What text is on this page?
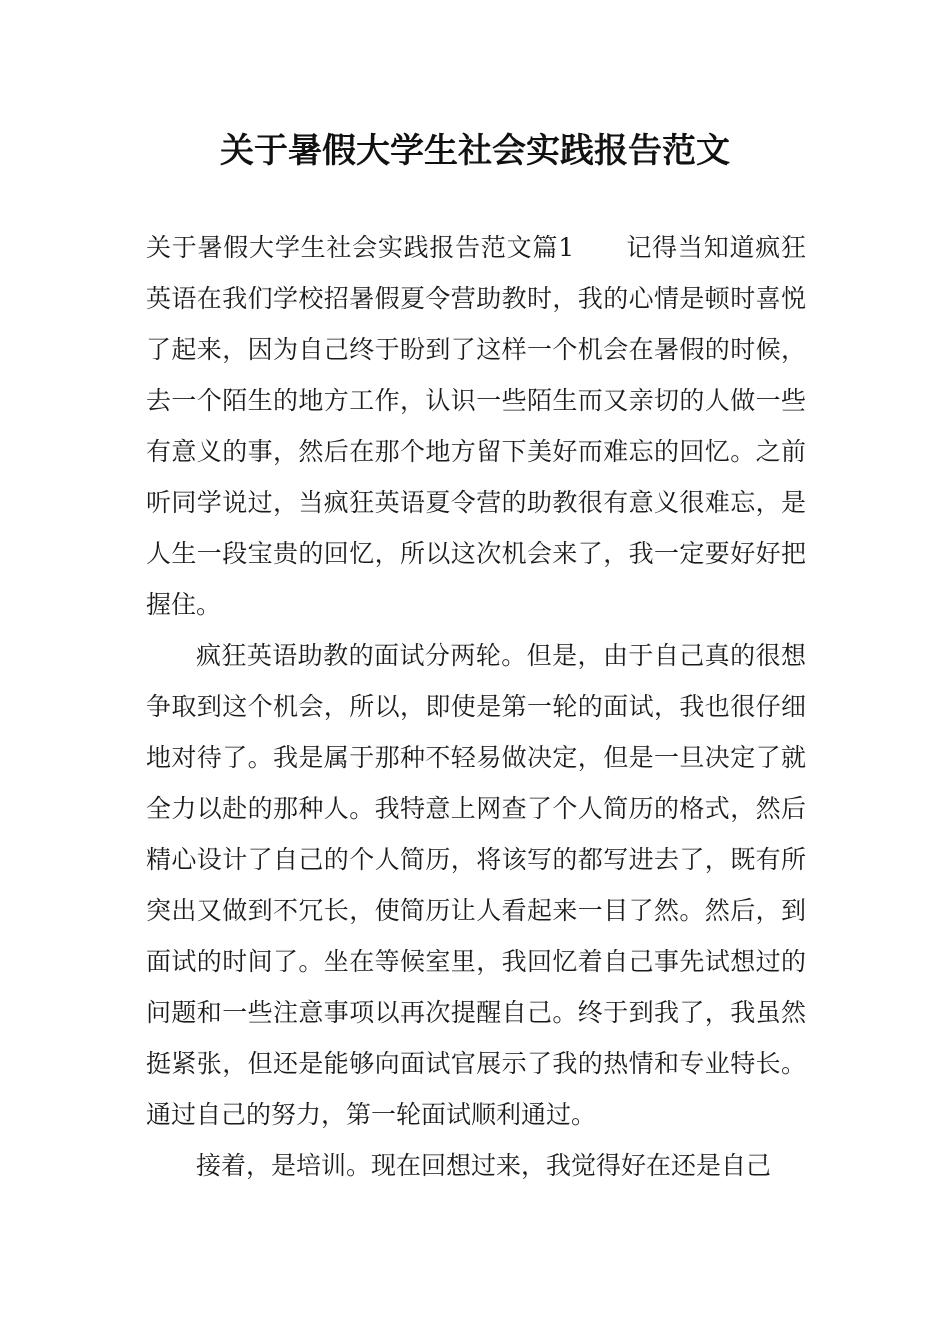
关于暑假大学生社会实践报告范文

关于暑假大学生社会实践报告范文篇1　　记得当知道疯狂英语在我们学校招暑假夏令营助教时，我的心情是顿时喜悦了起来，因为自己终于盼到了这样一个机会在暑假的时候，去一个陌生的地方工作，认识一些陌生而又亲切的人做一些有意义的事，然后在那个地方留下美好而难忘的回忆。之前听同学说过，当疯狂英语夏令营的助教很有意义很难忘，是人生一段宝贵的回忆，所以这次机会来了，我一定要好好把握住。

疯狂英语助教的面试分两轮。但是，由于自己真的很想争取到这个机会，所以，即使是第一轮的面试，我也很仔细地对待了。我是属于那种不轻易做决定，但是一旦决定了就全力以赴的那种人。我特意上网查了个人简历的格式，然后精心设计了自己的个人简历，将该写的都写进去了，既有所突出又做到不冗长，使简历让人看起来一目了然。然后，到面试的时间了。坐在等候室里，我回忆着自己事先试想过的问题和一些注意事项以再次提醒自己。终于到我了，我虽然挺紧张，但还是能够向面试官展示了我的热情和专业特长。通过自己的努力，第一轮面试顺利通过。

接着，是培训。现在回想过来，我觉得好在还是自己
